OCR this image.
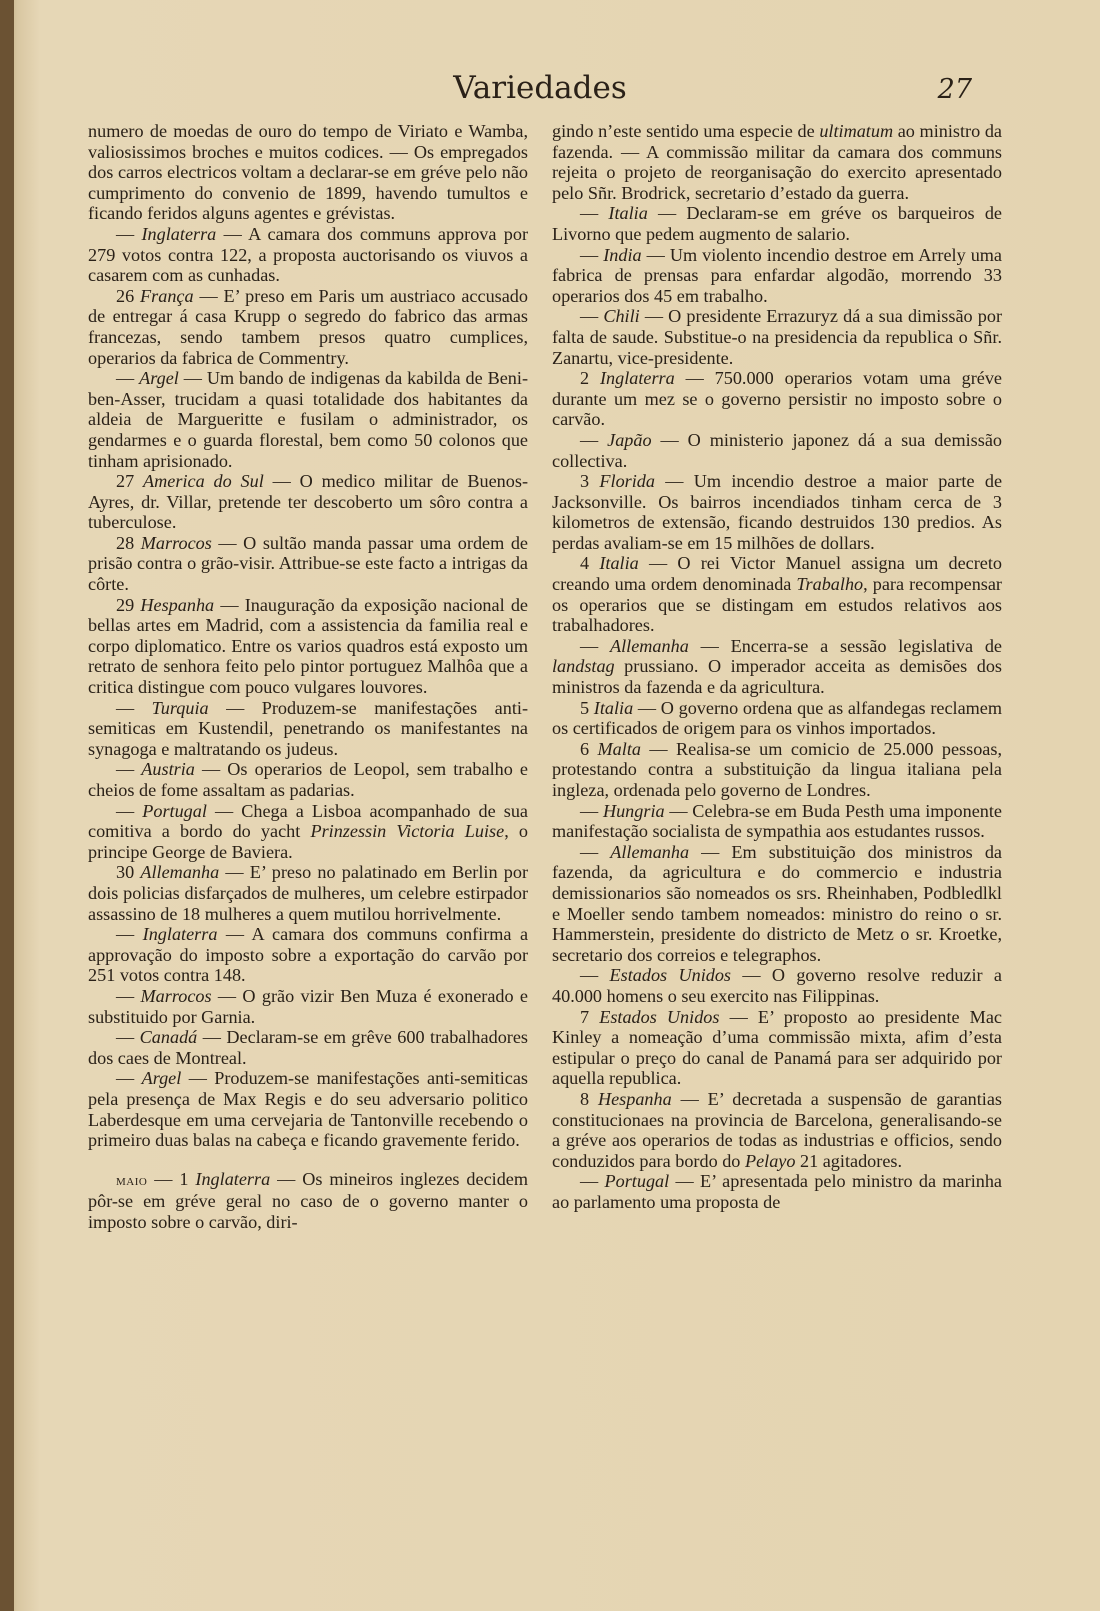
Variedades	27

numero de moedas de ouro do tempo de Viriato e Wamba, valiosissimos broches e muitos codices. — Os empregados dos carros electricos voltam a declarar-se em gréve pelo não cumprimento do convenio de 1899, havendo tumultos e ficando feridos alguns agentes e grévistas.

— Inglaterra — A camara dos communs approva por 279 votos contra 122, a proposta auctorisando os viuvos a casarem com as cunhadas.

26 França — E’ preso em Paris um austriaco accusado de entregar á casa Krupp o segredo do fabrico das armas francezas, sendo tambem presos quatro cumplices, operarios da fabrica de Commentry.

— Argel — Um bando de indigenas da kabilda de Beni-ben-Asser, trucidam a quasi totalidade dos habitantes da aldeia de Margueritte e fusilam o administrador, os gendarmes e o guarda florestal, bem como 50 colonos que tinham aprisionado.

27 America do Sul — O medico militar de Buenos-Ayres, dr. Villar, pretende ter descoberto um sôro contra a tuberculose.

28 Marrocos — O sultão manda passar uma ordem de prisão contra o grão-visir. Attribue-se este facto a intrigas da côrte.

29 Hespanha — Inauguração da exposição nacional de bellas artes em Madrid, com a assistencia da familia real e corpo diplomatico. Entre os varios quadros está exposto um retrato de senhora feito pelo pintor portuguez Malhôa que a critica distingue com pouco vulgares louvores.

— Turquia — Produzem-se manifestações anti-semiticas em Kustendil, penetrando os manifestantes na synagoga e maltratando os judeus.

— Austria — Os operarios de Leopol, sem trabalho e cheios de fome assaltam as padarias.

— Portugal — Chega a Lisboa acompanhado de sua comitiva a bordo do yacht Prinzessin Victoria Luise, o principe George de Baviera.

30 Allemanha — E’ preso no palatinado em Berlin por dois policias disfarçados de mulheres, um celebre estirpador assassino de 18 mulheres a quem mutilou horrivelmente.

— Inglaterra — A camara dos communs confirma a approvação do imposto sobre a exportação do carvão por 251 votos contra 148.

— Marrocos — O grão vizir Ben Muza é exonerado e substituido por Garnia.

— Canadá — Declaram-se em grêve 600 trabalhadores dos caes de Montreal.

— Argel — Produzem-se manifestações anti-semiticas pela presença de Max Regis e do seu adversario politico Laberdesque em uma cervejaria de Tantonville recebendo o primeiro duas balas na cabeça e ficando gravemente ferido.

maio — 1 Inglaterra — Os mineiros inglezes decidem pôr-se em gréve geral no caso de o governo manter o imposto sobre o carvão, diri-

gindo n’este sentido uma especie de ultimatum ao ministro da fazenda. — A commissão militar da camara dos communs rejeita o projeto de reorganisação do exercito apresentado pelo Sñr. Brodrick, secretario d’estado da guerra.

— Italia — Declaram-se em gréve os barqueiros de Livorno que pedem augmento de salario.

— India — Um violento incendio destroe em Arrely uma fabrica de prensas para enfardar algodão, morrendo 33 operarios dos 45 em trabalho.

— Chili — O presidente Errazuryz dá a sua dimissão por falta de saude. Substitue-o na presidencia da republica o Sñr. Zanartu, vice-presidente.

2 Inglaterra — 750.000 operarios votam uma gréve durante um mez se o governo persistir no imposto sobre o carvão.

— Japão — O ministerio japonez dá a sua demissão collectiva.

3 Florida — Um incendio destroe a maior parte de Jacksonville. Os bairros incendiados tinham cerca de 3 kilometros de extensão, ficando destruidos 130 predios. As perdas avaliam-se em 15 milhões de dollars.

4 Italia — O rei Victor Manuel assigna um decreto creando uma ordem denominada Trabalho, para recompensar os operarios que se distingam em estudos relativos aos trabalhadores.

— Allemanha — Encerra-se a sessão legislativa de landstag prussiano. O imperador acceita as demisões dos ministros da fazenda e da agricultura.

5 Italia — O governo ordena que as alfandegas reclamem os certificados de origem para os vinhos importados.

6 Malta — Realisa-se um comicio de 25.000 pessoas, protestando contra a substituição da lingua italiana pela ingleza, ordenada pelo governo de Londres.

— Hungria — Celebra-se em Buda Pesth uma imponente manifestação socialista de sympathia aos estudantes russos.

— Allemanha — Em substituição dos ministros da fazenda, da agricultura e do commercio e industria demissionarios são nomeados os srs. Rheinhaben, Podbledlkl e Moeller sendo tambem nomeados: ministro do reino o sr. Hammerstein, presidente do districto de Metz o sr. Kroetke, secretario dos correios e telegraphos.

— Estados Unidos — O governo resolve reduzir a 40.000 homens o seu exercito nas Filippinas.

7 Estados Unidos — E’ proposto ao presidente Mac Kinley a nomeação d’uma commissão mixta, afim d’esta estipular o preço do canal de Panamá para ser adquirido por aquella republica.

8 Hespanha — E’ decretada a suspensão de garantias constitucionaes na provincia de Barcelona, generalisando-se a gréve aos operarios de todas as industrias e officios, sendo conduzidos para bordo do Pelayo 21 agitadores.

— Portugal — E’ apresentada pelo ministro da marinha ao parlamento uma proposta de
